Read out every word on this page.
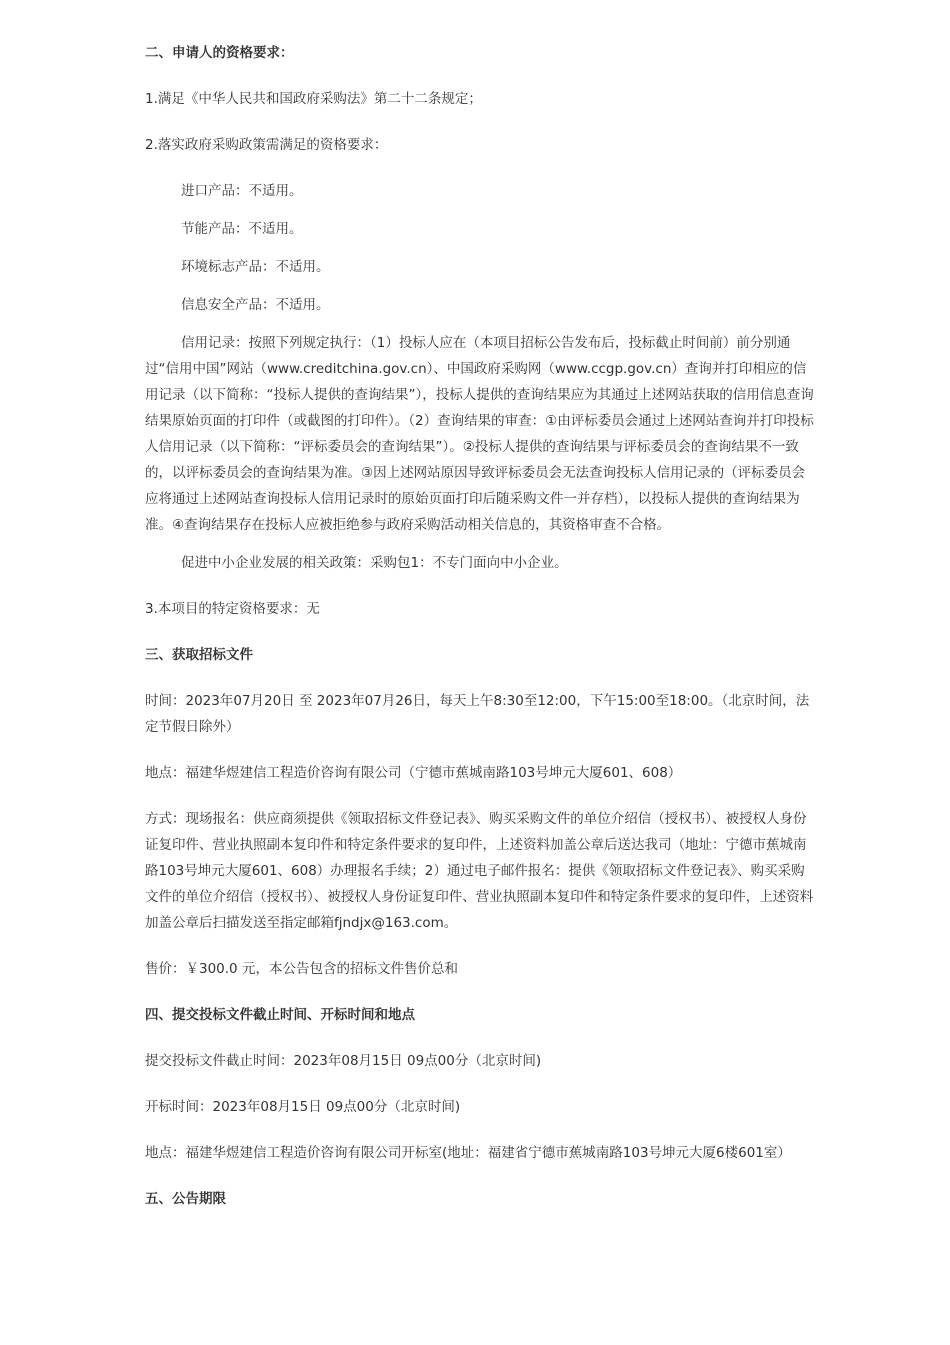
二、申请人的资格要求：

1.满足《中华人民共和国政府采购法》第二十二条规定；

2.落实政府采购政策需满足的资格要求：

进口产品：不适用。

节能产品：不适用。

环境标志产品：不适用。

信息安全产品：不适用。

信用记录：按照下列规定执行：（1）投标人应在（本项目招标公告发布后，投标截止时间前）前分别通过“信用中国”网站（www.creditchina.gov.cn）、中国政府采购网（www.ccgp.gov.cn）查询并打印相应的信用记录（以下简称：“投标人提供的查询结果”），投标人提供的查询结果应为其通过上述网站获取的信用信息查询结果原始页面的打印件（或截图的打印件）。（2）查询结果的审查：①由评标委员会通过上述网站查询并打印投标人信用记录（以下简称：“评标委员会的查询结果”）。②投标人提供的查询结果与评标委员会的查询结果不一致的，以评标委员会的查询结果为准。③因上述网站原因导致评标委员会无法查询投标人信用记录的（评标委员会应将通过上述网站查询投标人信用记录时的原始页面打印后随采购文件一并存档），以投标人提供的查询结果为准。④查询结果存在投标人应被拒绝参与政府采购活动相关信息的，其资格审查不合格。

促进中小企业发展的相关政策：采购包1：不专门面向中小企业。

3.本项目的特定资格要求：无

三、获取招标文件

时间：2023年07月20日 至 2023年07月26日，每天上午8:30至12:00，下午15:00至18:00。（北京时间，法定节假日除外）

地点：福建华煜建信工程造价咨询有限公司（宁德市蕉城南路103号坤元大厦601、608）

方式：现场报名：供应商须提供《领取招标文件登记表》、购买采购文件的单位介绍信（授权书）、被授权人身份证复印件、营业执照副本复印件和特定条件要求的复印件，上述资料加盖公章后送达我司（地址：宁德市蕉城南路103号坤元大厦601、608）办理报名手续；2）通过电子邮件报名：提供《领取招标文件登记表》、购买采购文件的单位介绍信（授权书）、被授权人身份证复印件、营业执照副本复印件和特定条件要求的复印件，上述资料加盖公章后扫描发送至指定邮箱fjndjx@163.com。

售价：￥300.0 元，本公告包含的招标文件售价总和

四、提交投标文件截止时间、开标时间和地点

提交投标文件截止时间：2023年08月15日 09点00分（北京时间)

开标时间：2023年08月15日 09点00分（北京时间)

地点：福建华煜建信工程造价咨询有限公司开标室(地址：福建省宁德市蕉城南路103号坤元大厦6楼601室）

五、公告期限
